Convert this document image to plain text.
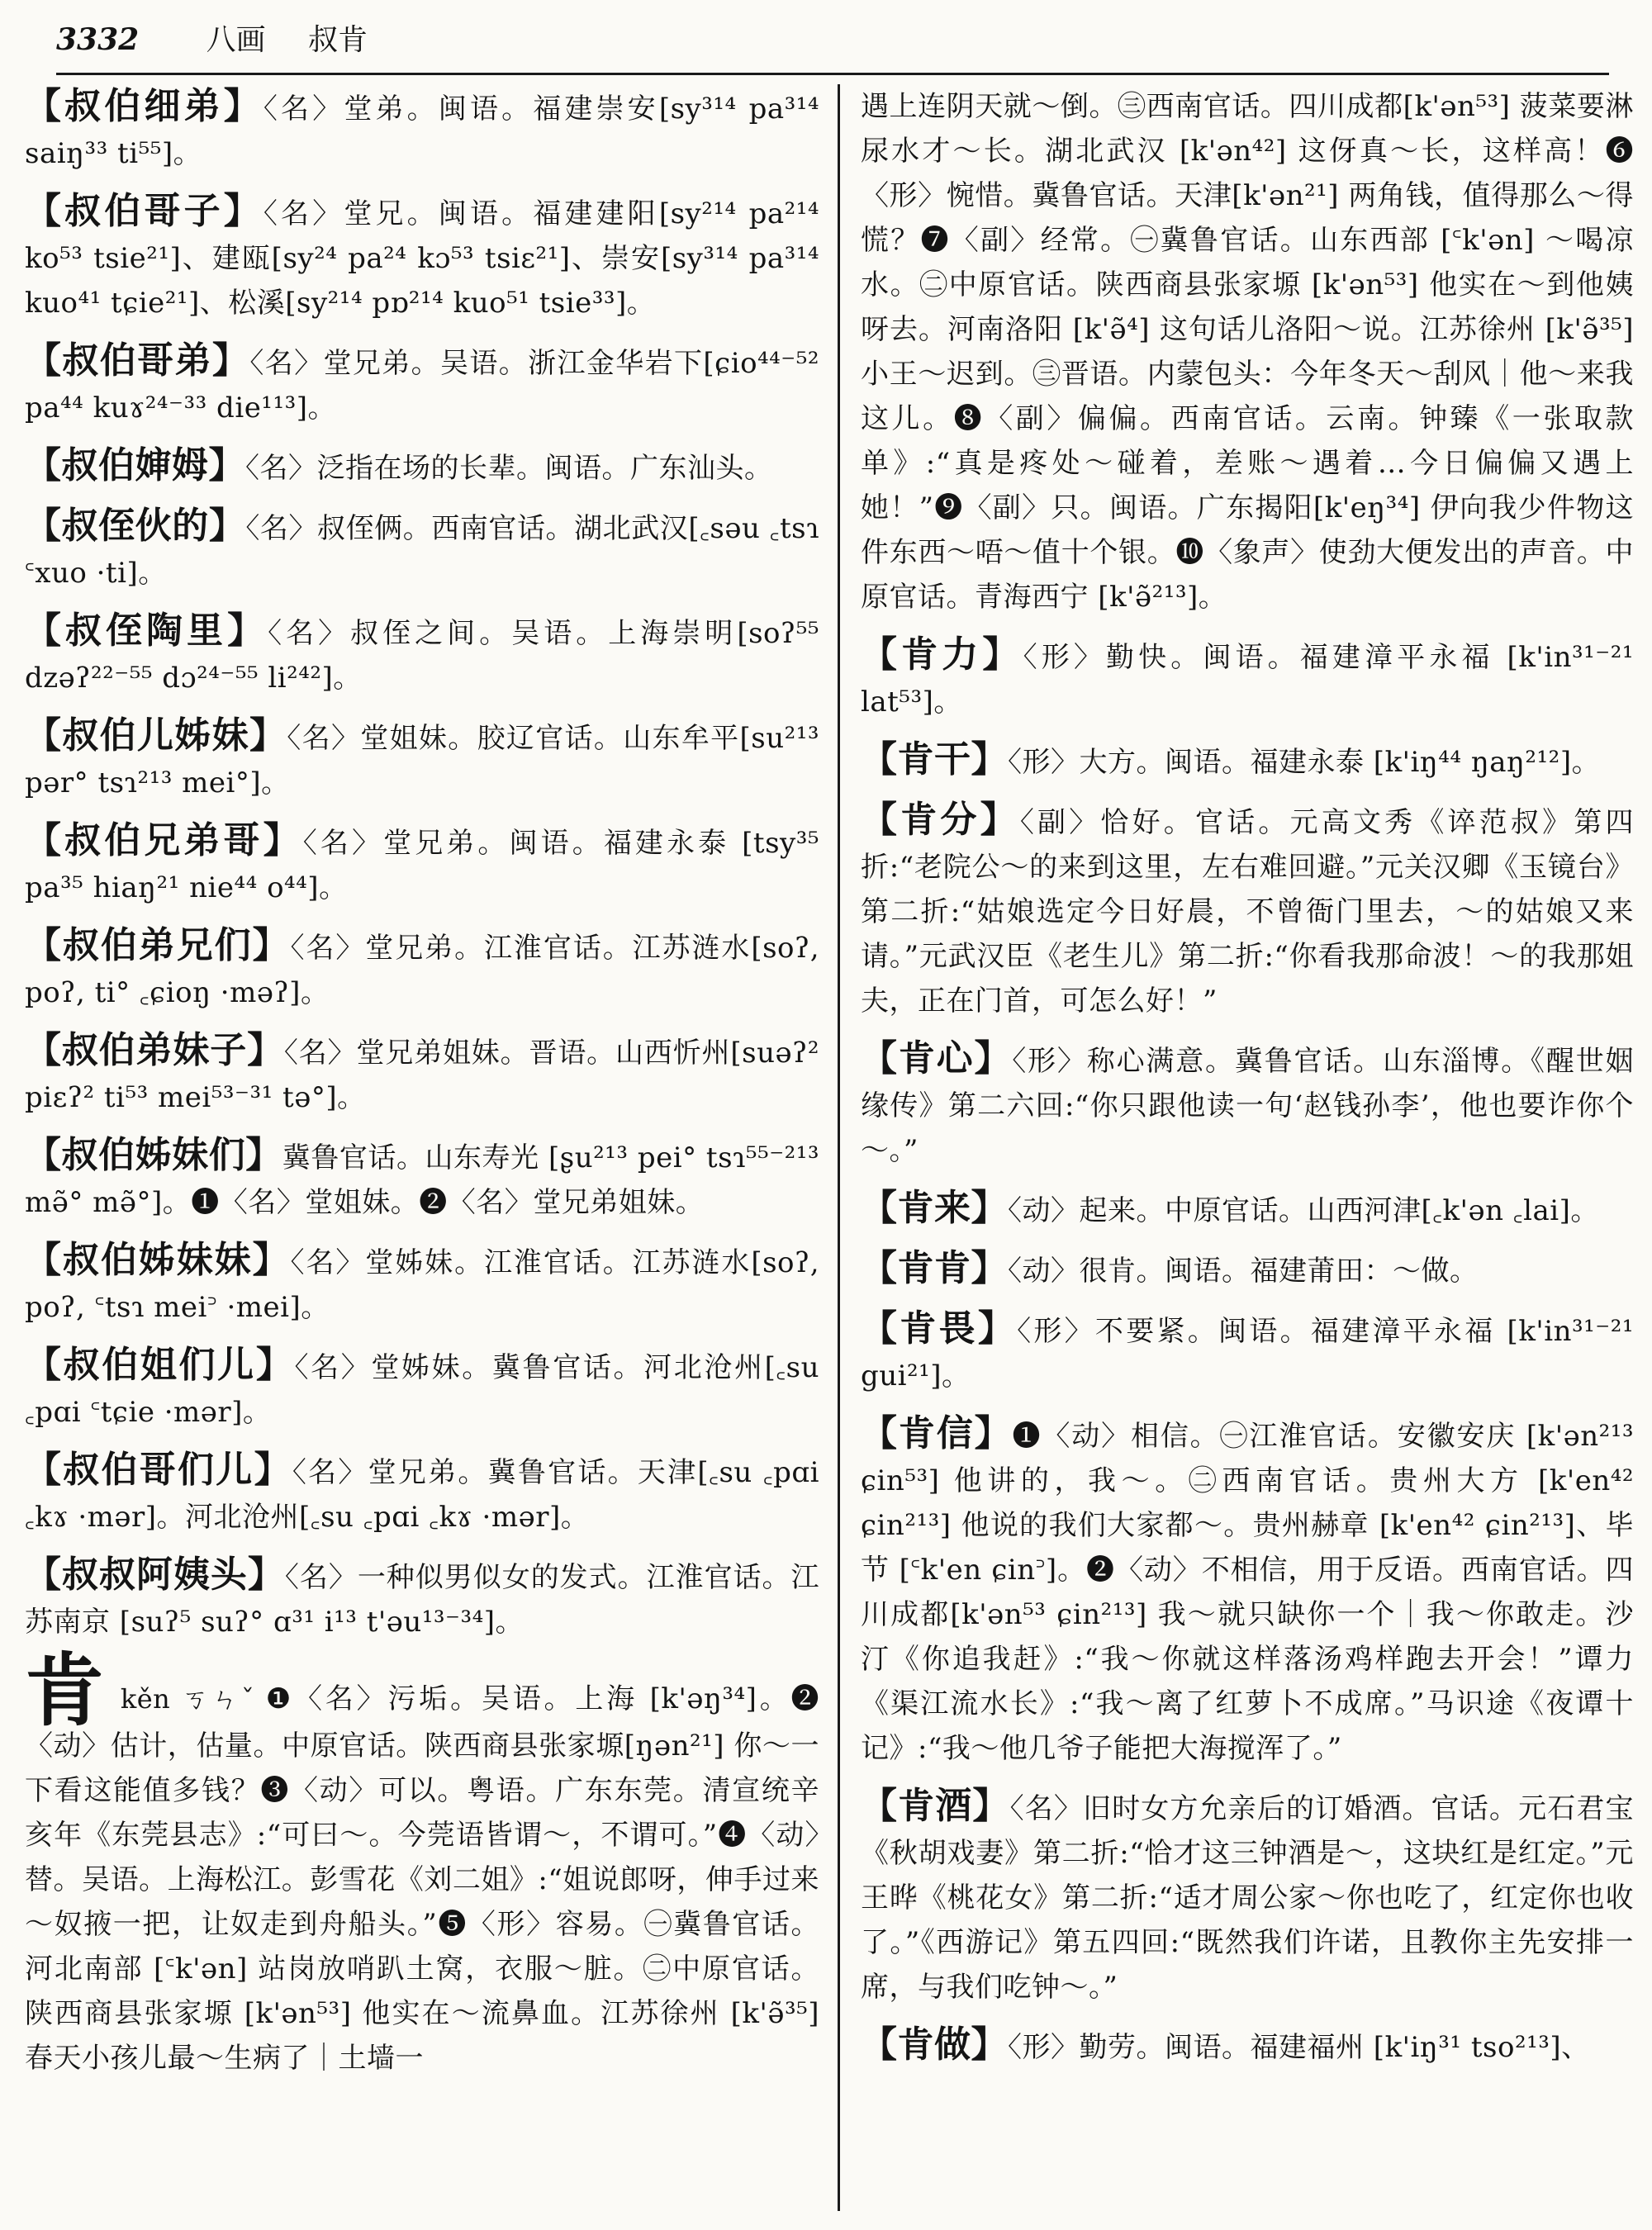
3332 八画 叔肯

【 叔伯细弟 】 〈名〉堂弟。闽语。福建崇安[sy³¹⁴ pa³¹⁴ saiŋ³³ ti⁵⁵]。

【 叔伯哥子 】 〈名〉堂兄。闽语。福建建阳[sy²¹⁴ pa²¹⁴ ko⁵³ tsie²¹]、建瓯[sy²⁴ pa²⁴ kɔ⁵³ tsiɛ²¹]、崇安[sy³¹⁴ pa³¹⁴ kuo⁴¹ tɕie²¹]、松溪[sy²¹⁴ pɒ²¹⁴ kuo⁵¹ tsie³³]。

【 叔伯哥弟 】 〈名〉堂兄弟。吴语。浙江金华岩下[ɕio⁴⁴⁻⁵² pa⁴⁴ kuɤ²⁴⁻³³ die¹¹³]。

【 叔伯婶姆 】 〈名〉泛指在场的长辈。闽语。广东汕头。

【 叔侄伙的 】 〈名〉叔侄俩。西南官话。湖北武汉[꜀səu ꜀tsɿ ꜂xuo ·ti]。

【 叔侄陶里 】 〈名〉叔侄之间。吴语。上海崇明[soʔ⁵⁵ dzəʔ²²⁻⁵⁵ dɔ²⁴⁻⁵⁵ li²⁴²]。

【 叔伯儿姊妹 】 〈名〉堂姐妹。胶辽官话。山东牟平[su²¹³ pər° tsɿ²¹³ mei°]。

【 叔伯兄弟哥 】 〈名〉堂兄弟。闽语。福建永泰 [tsy³⁵ pa³⁵ hiaŋ²¹ nie⁴⁴ o⁴⁴]。

【 叔伯弟兄们 】 〈名〉堂兄弟。江淮官话。江苏涟水[soʔ, poʔ, ti° ꜀ɕioŋ ·məʔ]。

【 叔伯弟妹子 】 〈名〉堂兄弟姐妹。晋语。山西忻州[suəʔ² piɛʔ² ti⁵³ mei⁵³⁻³¹ tə°]。

【 叔伯姊妹们 】 冀鲁官话。山东寿光 [ʂu²¹³ pei° tsɿ⁵⁵⁻²¹³ mə̃° mə̃°]。❶〈名〉堂姐妹。❷〈名〉堂兄弟姐妹。

【 叔伯姊妹妹 】 〈名〉堂姊妹。江淮官话。江苏涟水[soʔ, poʔ, ꜂tsɿ mei꜄ ·mei]。

【 叔伯姐们儿 】 〈名〉堂姊妹。冀鲁官话。河北沧州[꜀su ꜀pɑi ꜂tɕie ·mər]。

【 叔伯哥们儿 】 〈名〉堂兄弟。冀鲁官话。天津[꜀su ꜀pɑi ꜀kɤ ·mər]。河北沧州[꜀su ꜀pɑi ꜀kɤ ·mər]。

【 叔叔阿姨头 】 〈名〉一种似男似女的发式。江淮官话。江苏南京 [suʔ⁵ suʔ° ɑ³¹ i¹³ t'əu¹³⁻³⁴]。

肯kěn ㄎㄣˇ ❶〈名〉污垢。吴语。上海 [k'əŋ³⁴]。❷〈动〉估计，估量。中原官话。陕西商县张家塬[ŋən²¹] 你～一下看这能值多钱？❸〈动〉可以。粤语。广东东莞。清宣统辛亥年《东莞县志》:“可曰～。今莞语皆谓～，不谓可。”❹〈动〉替。吴语。上海松江。彭雪花《刘二姐》:“姐说郎呀，伸手过来～奴掖一把，让奴走到舟船头。”❺〈形〉容易。㊀冀鲁官话。河北南部 [꜂k'ən] 站岗放哨趴土窝，衣服～脏。㊁中原官话。陕西商县张家塬 [k'ən⁵³] 他实在～流鼻血。江苏徐州 [k'ə̃³⁵] 春天小孩儿最～生病了｜土墙一

遇上连阴天就～倒。㊂西南官话。四川成都[k'ən⁵³] 菠菜要淋尿水才～长。湖北武汉 [k'ən⁴²] 这伢真～长，这样高！❻〈形〉惋惜。冀鲁官话。天津[k'ən²¹] 两角钱，值得那么～得慌？❼〈副〉经常。㊀冀鲁官话。山东西部 [꜂k'ən] ～喝凉水。㊁中原官话。陕西商县张家塬 [k'ən⁵³] 他实在～到他姨呀去。河南洛阳 [k'ə̃⁴] 这句话儿洛阳～说。江苏徐州 [k'ə̃³⁵] 小王～迟到。㊂晋语。内蒙包头：今年冬天～刮风｜他～来我这儿。❽〈副〉偏偏。西南官话。云南。钟臻《一张取款单》:“真是疼处～碰着，差账～遇着…今日偏偏又遇上她！”❾〈副〉只。闽语。广东揭阳[k'eŋ³⁴] 伊向我少件物这件东西～唔～值十个银。❿〈象声〉使劲大便发出的声音。中原官话。青海西宁 [k'ə̃²¹³]。

【 肯力 】 〈形〉勤快。闽语。福建漳平永福 [k'in³¹⁻²¹ lat⁵³]。

【 肯干 】 〈形〉大方。闽语。福建永泰 [k'iŋ⁴⁴ ŋaŋ²¹²]。

【 肯分 】 〈副〉恰好。官话。元高文秀《谇范叔》第四折:“老院公～的来到这里，左右难回避。”元关汉卿《玉镜台》第二折:“姑娘选定今日好晨，不曾衙门里去，～的姑娘又来请。”元武汉臣《老生儿》第二折:“你看我那命波！～的我那姐夫，正在门首，可怎么好！”

【 肯心 】 〈形〉称心满意。冀鲁官话。山东淄博。《醒世姻缘传》第二六回:“你只跟他读一句‘赵钱孙李’，他也要诈你个～。”

【 肯来 】 〈动〉起来。中原官话。山西河津[꜀k'ən ꜀lai]。

【 肯肯 】 〈动〉很肯。闽语。福建莆田：～做。

【 肯畏 】 〈形〉不要紧。闽语。福建漳平永福 [k'in³¹⁻²¹ gui²¹]。

【 肯信 】 ❶〈动〉相信。㊀江淮官话。安徽安庆 [k'ən²¹³ ɕin⁵³] 他讲的，我～。㊁西南官话。贵州大方 [k'en⁴² ɕin²¹³] 他说的我们大家都～。贵州赫章 [k'en⁴² ɕin²¹³]、毕节 [꜂k'en ɕin꜄]。❷〈动〉不相信，用于反语。西南官话。四川成都[k'ən⁵³ ɕin²¹³] 我～就只缺你一个｜我～你敢走。沙汀《你追我赶》:“我～你就这样落汤鸡样跑去开会！”谭力《渠江流水长》:“我～离了红萝卜不成席。”马识途《夜谭十记》:“我～他几爷子能把大海搅浑了。”

【 肯酒 】 〈名〉旧时女方允亲后的订婚酒。官话。元石君宝《秋胡戏妻》第二折:“恰才这三钟酒是～，这块红是红定。”元王晔《桃花女》第二折:“适才周公家～你也吃了，红定你也收了。”《西游记》第五四回:“既然我们许诺，且教你主先安排一席，与我们吃钟～。”

【 肯做 】 〈形〉勤劳。闽语。福建福州 [k'iŋ³¹ tso²¹³]、
